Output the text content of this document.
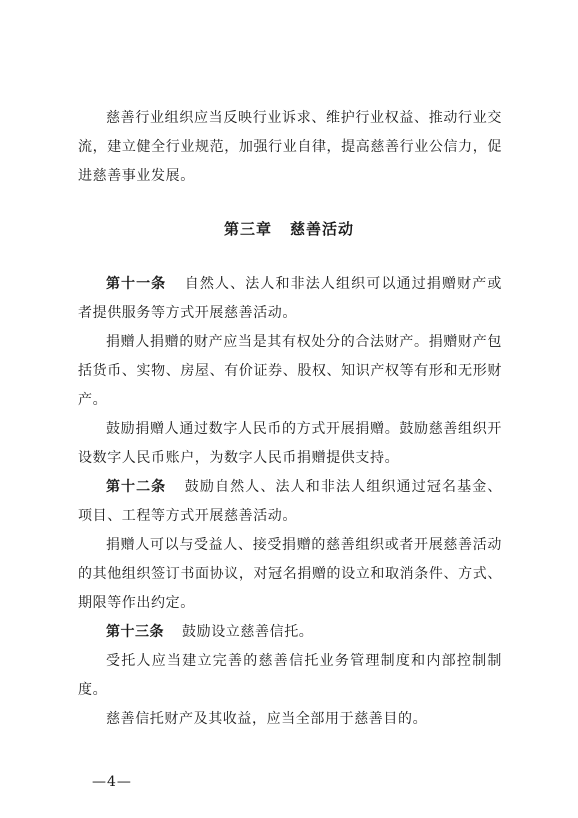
慈善行业组织应当反映行业诉求、维护行业权益、推动行业交流，建立健全行业规范，加强行业自律，提高慈善行业公信力，促进慈善事业发展。

第三章 慈善活动

第十一条 自然人、法人和非法人组织可以通过捐赠财产或者提供服务等方式开展慈善活动。

捐赠人捐赠的财产应当是其有权处分的合法财产。捐赠财产包括货币、实物、房屋、有价证券、股权、知识产权等有形和无形财产。

鼓励捐赠人通过数字人民币的方式开展捐赠。鼓励慈善组织开设数字人民币账户，为数字人民币捐赠提供支持。

第十二条 鼓励自然人、法人和非法人组织通过冠名基金、项目、工程等方式开展慈善活动。

捐赠人可以与受益人、接受捐赠的慈善组织或者开展慈善活动的其他组织签订书面协议，对冠名捐赠的设立和取消条件、方式、期限等作出约定。

第十三条 鼓励设立慈善信托。

受托人应当建立完善的慈善信托业务管理制度和内部控制制度。

慈善信托财产及其收益，应当全部用于慈善目的。

—4—
